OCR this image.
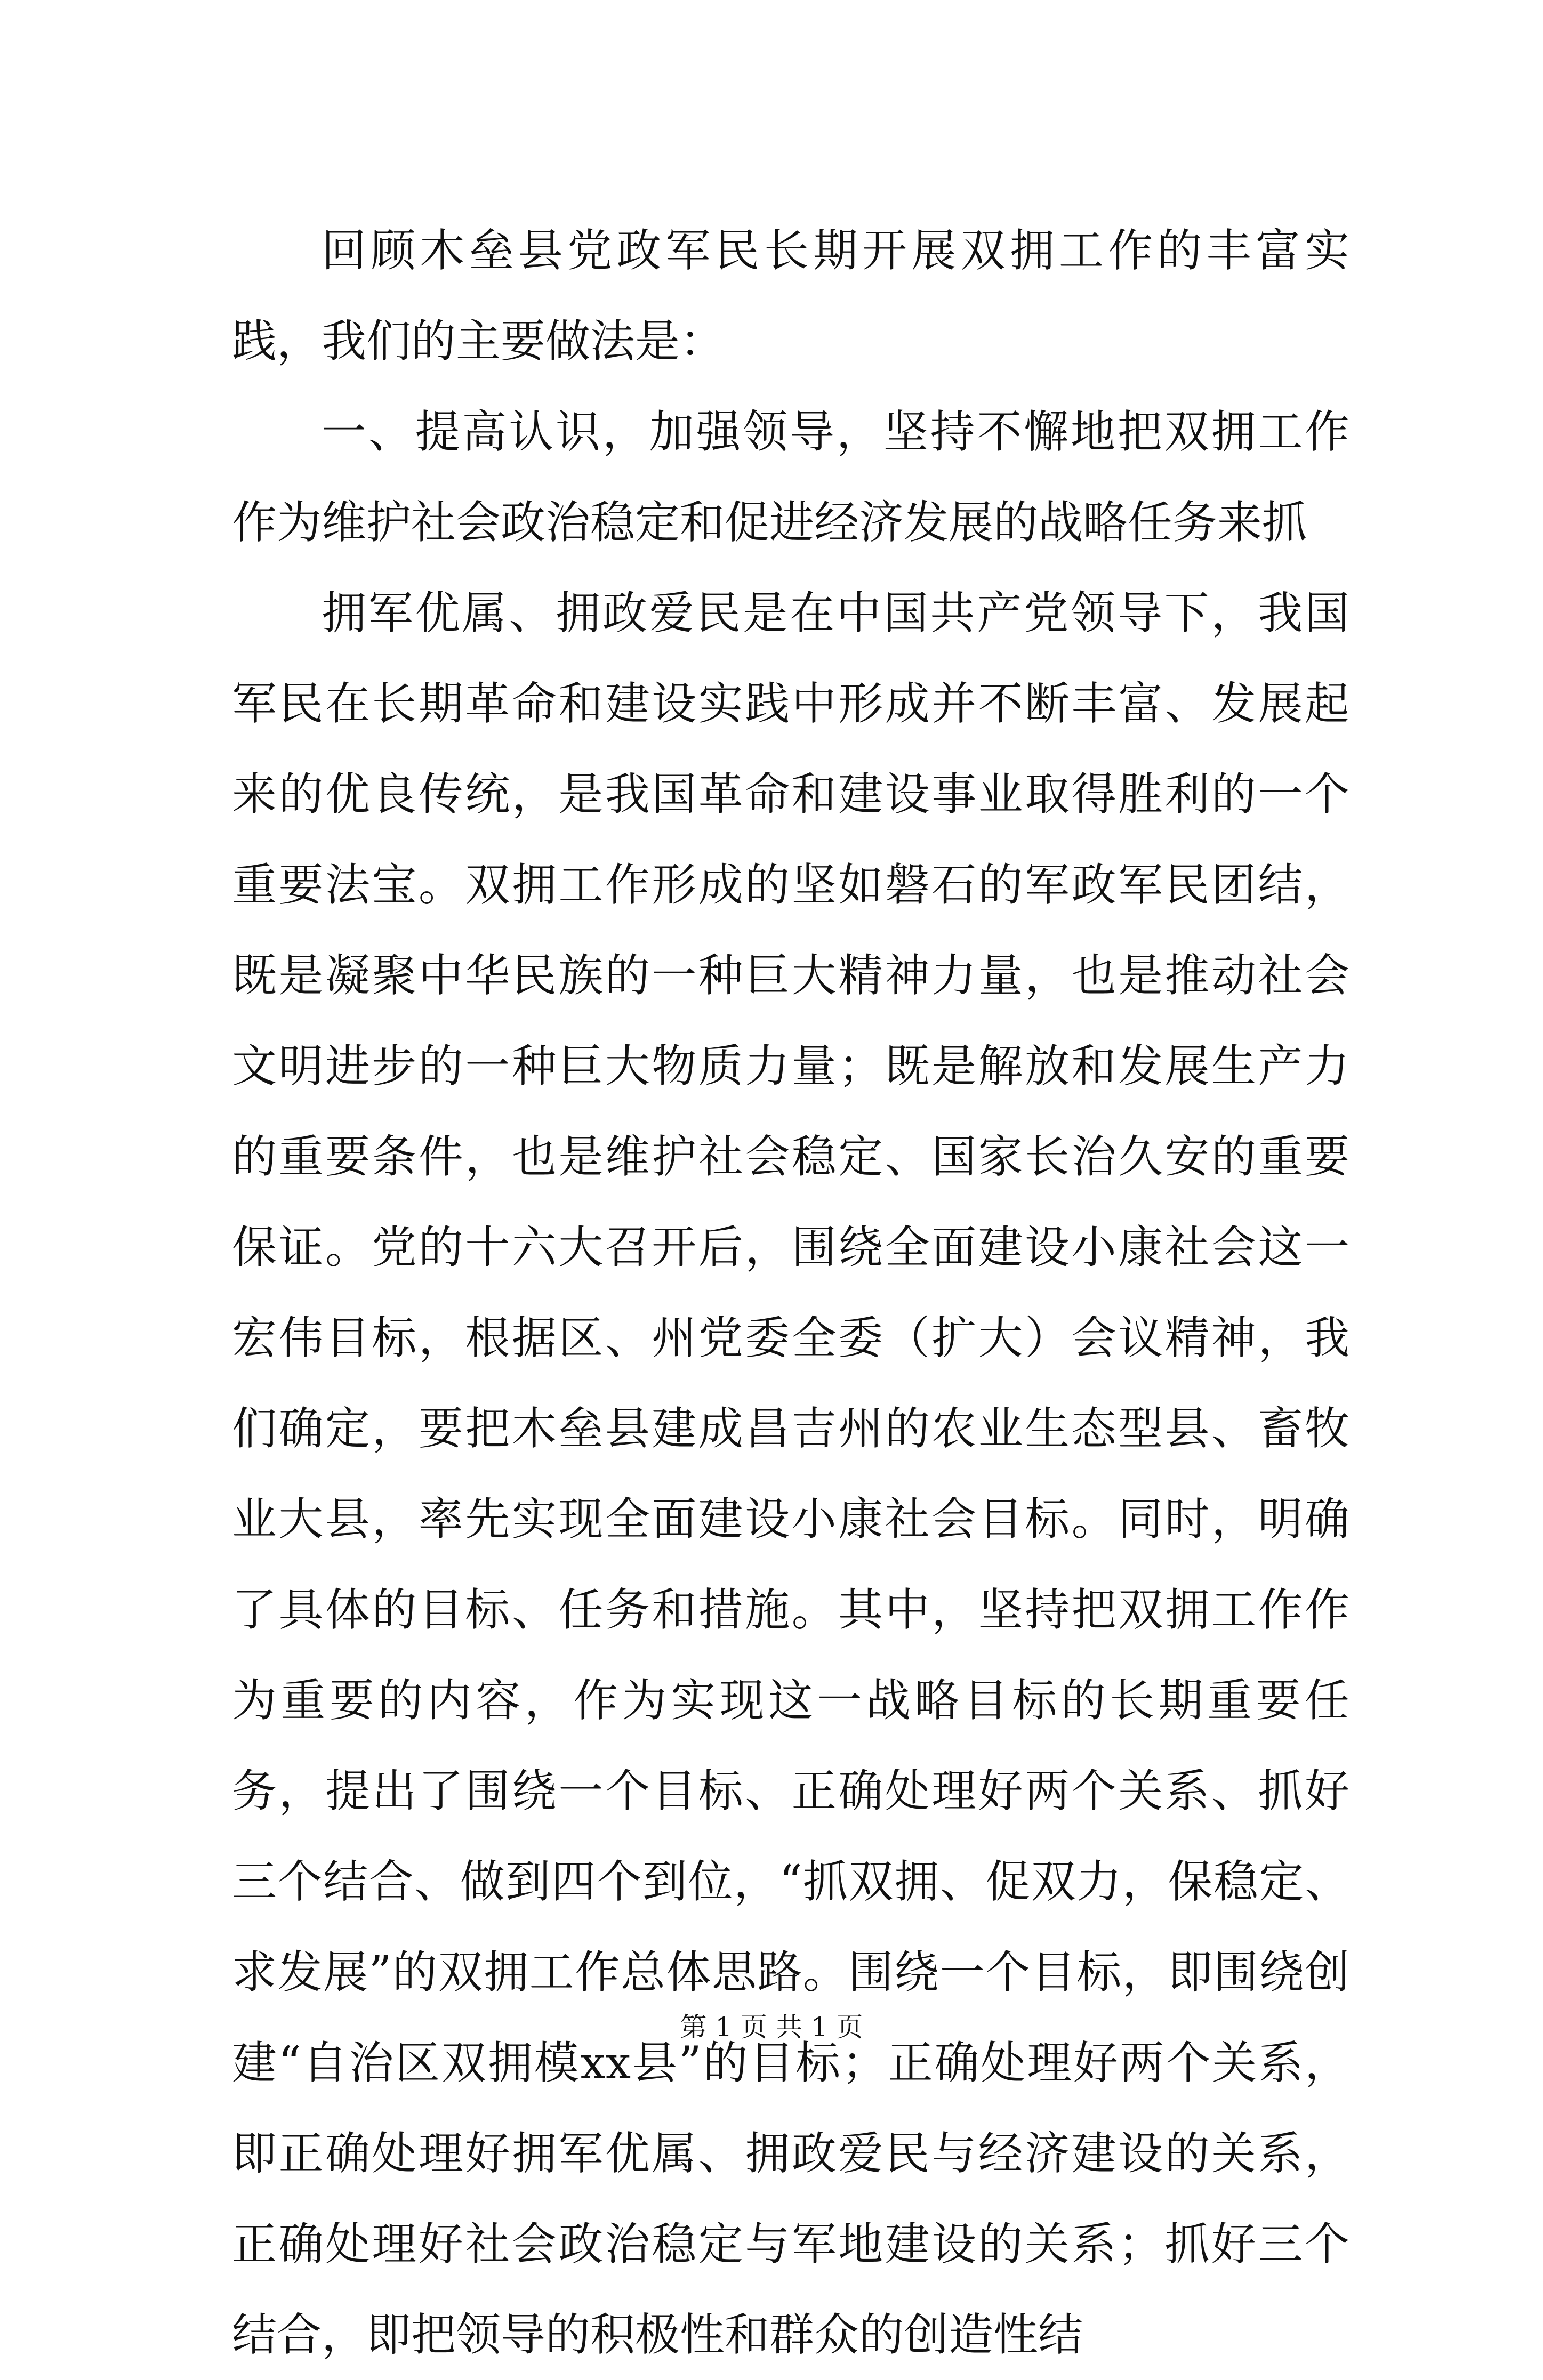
回顾木垒县党政军民长期开展双拥工作的丰富实践，我们的主要做法是：

一、提高认识，加强领导，坚持不懈地把双拥工作作为维护社会政治稳定和促进经济发展的战略任务来抓

拥军优属、拥政爱民是在中国共产党领导下，我国军民在长期革命和建设实践中形成并不断丰富、发展起来的优良传统，是我国革命和建设事业取得胜利的一个重要法宝。双拥工作形成的坚如磐石的军政军民团结，既是凝聚中华民族的一种巨大精神力量，也是推动社会文明进步的一种巨大物质力量；既是解放和发展生产力的重要条件，也是维护社会稳定、国家长治久安的重要保证。党的十六大召开后，围绕全面建设小康社会这一宏伟目标，根据区、州党委全委（扩大）会议精神，我们确定，要把木垒县建成昌吉州的农业生态型县、畜牧业大县，率先实现全面建设小康社会目标。同时，明确了具体的目标、任务和措施。其中，坚持把双拥工作作为重要的内容，作为实现这一战略目标的长期重要任务，提出了围绕一个目标、正确处理好两个关系、抓好三个结合、做到四个到位，“抓双拥、促双力，保稳定、求发展”的双拥工作总体思路。围绕一个目标，即围绕创建“自治区双拥模xx县”的目标；正确处理好两个关系，即正确处理好拥军优属、拥政爱民与经济建设的关系，正确处理好社会政治稳定与军地建设的关系；抓好三个结合，即把领导的积极性和群众的创造性结

第 1 页 共 1 页
